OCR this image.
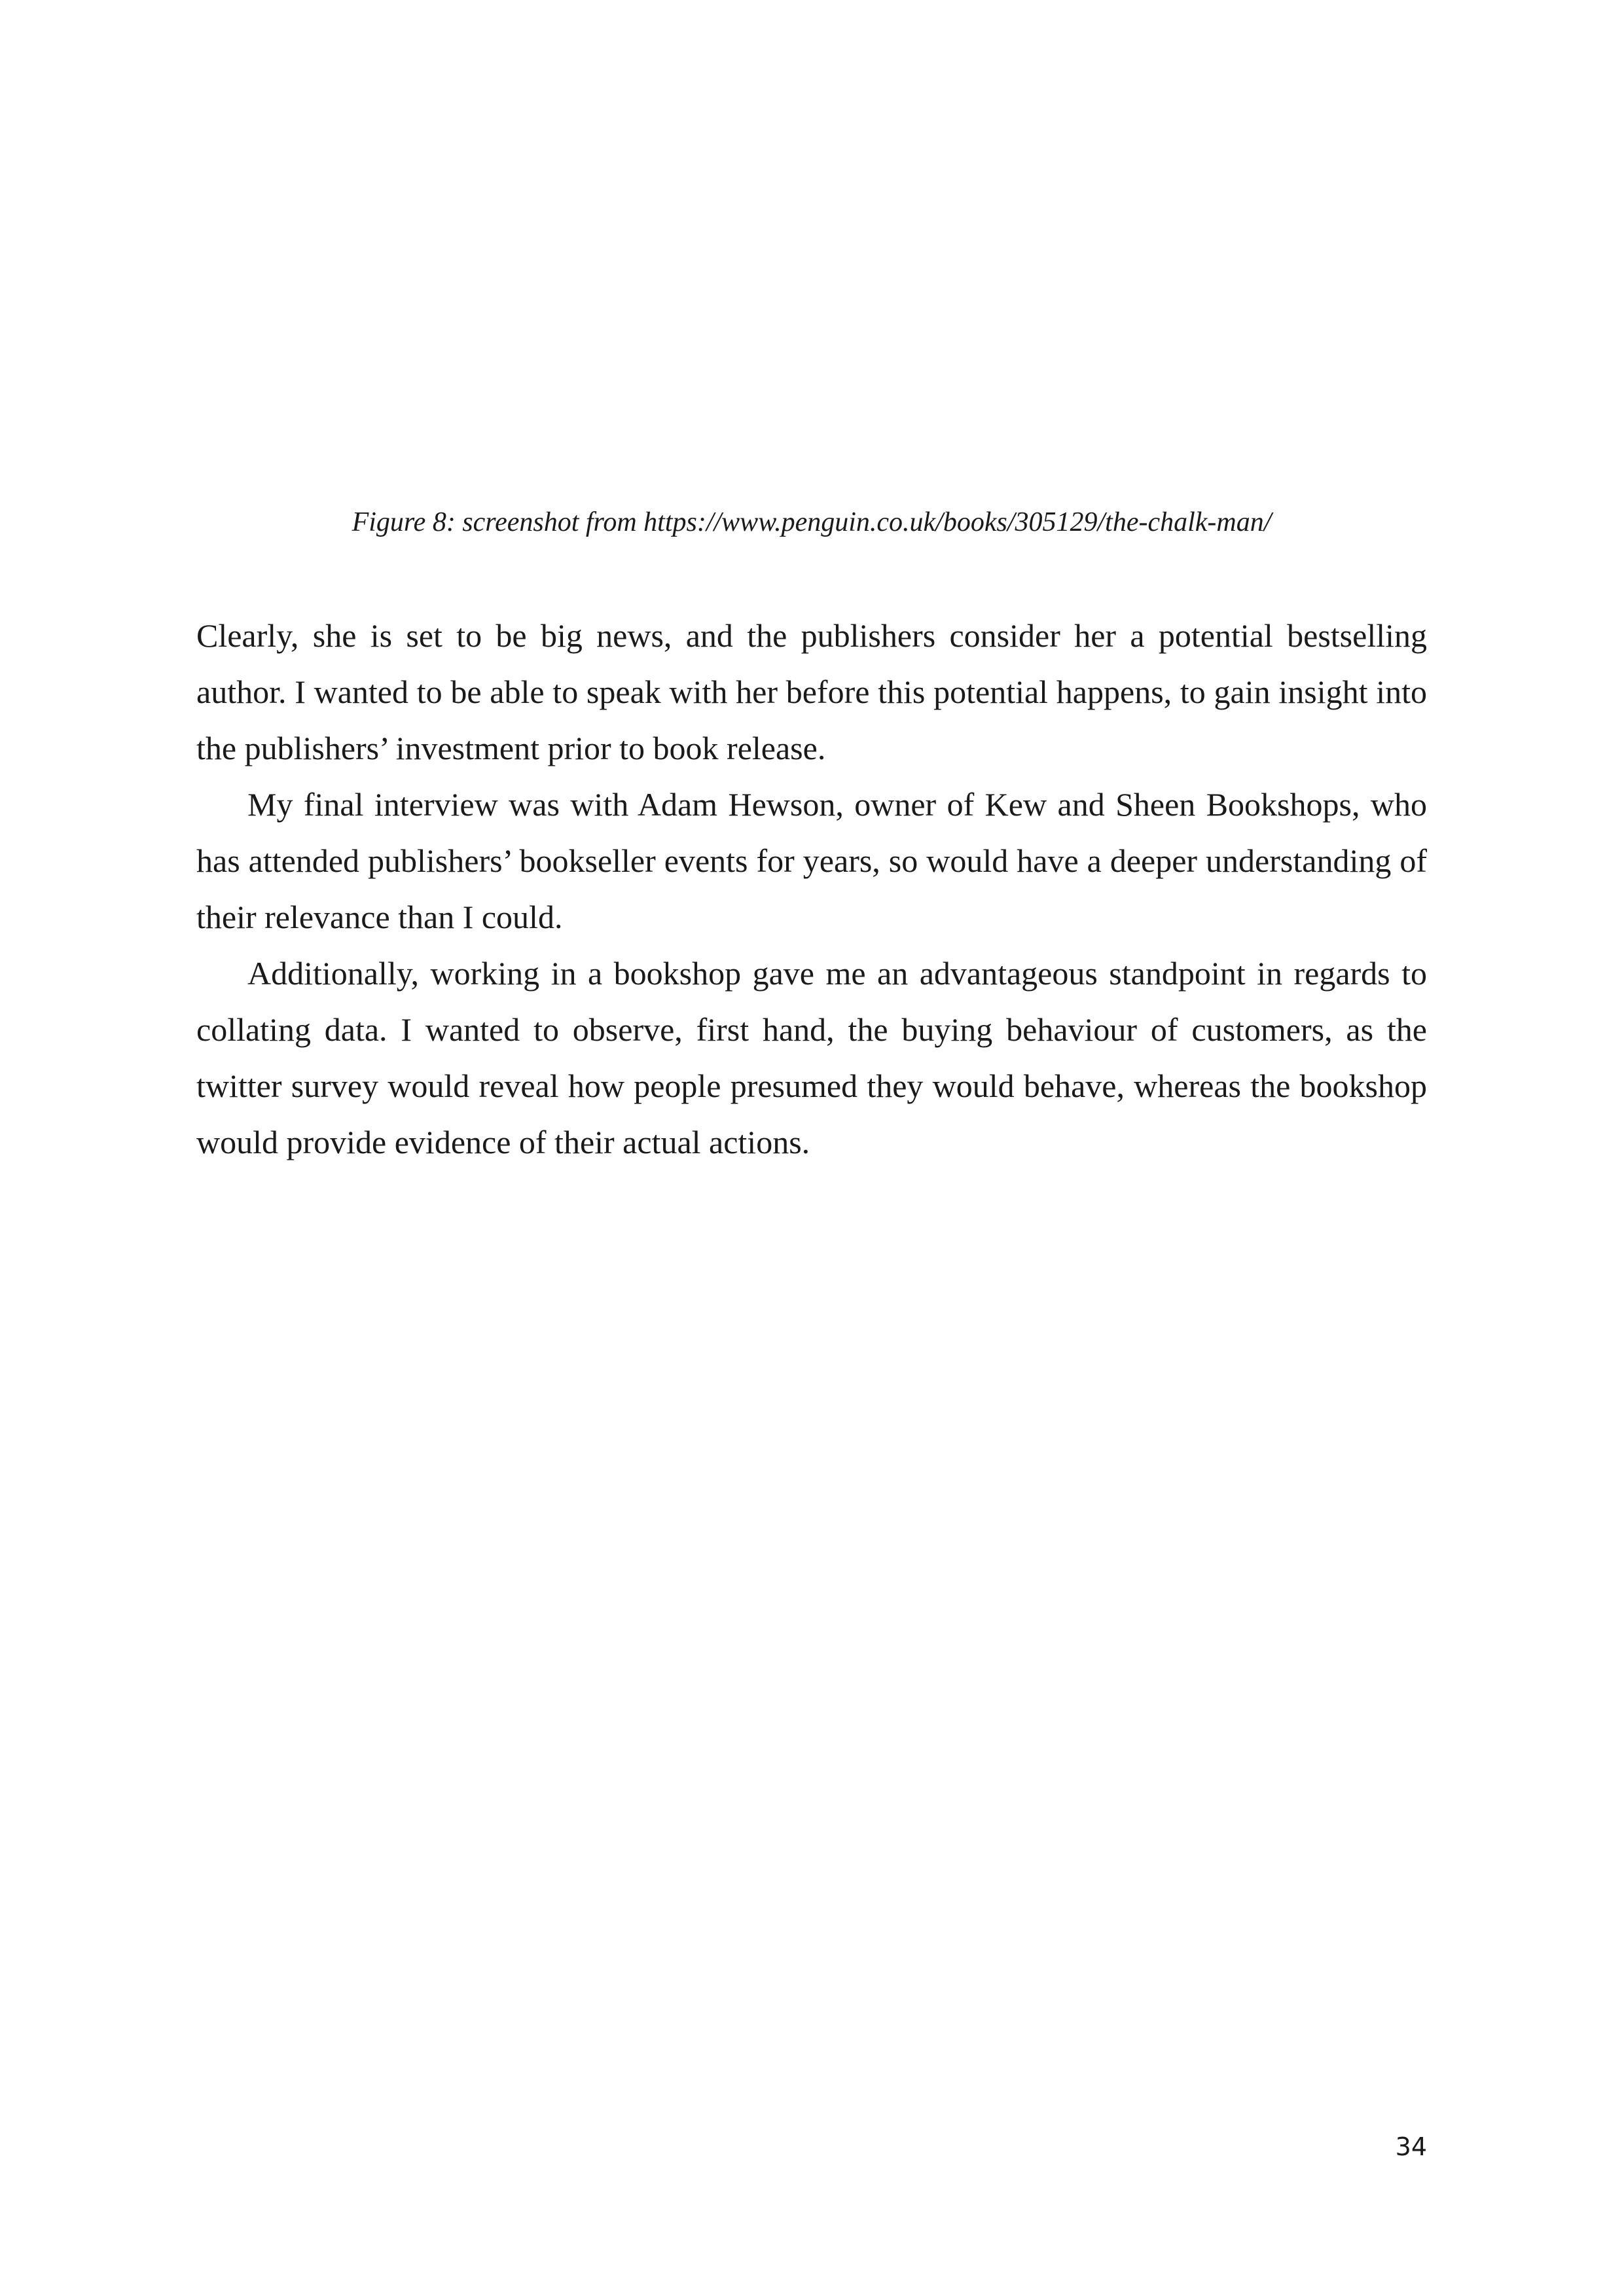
Figure 8: screenshot from https://www.penguin.co.uk/books/305129/the-chalk-man/

Clearly, she is set to be big news, and the publishers consider her a potential bestselling author. I wanted to be able to speak with her before this potential happens, to gain insight into the publishers’ investment prior to book release.

My final interview was with Adam Hewson, owner of Kew and Sheen Bookshops, who has attended publishers’ bookseller events for years, so would have a deeper understanding of their relevance than I could.

Additionally, working in a bookshop gave me an advantageous standpoint in regards to collating data. I wanted to observe, first hand, the buying behaviour of customers, as the twitter survey would reveal how people presumed they would behave, whereas the bookshop would provide evidence of their actual actions.

34
